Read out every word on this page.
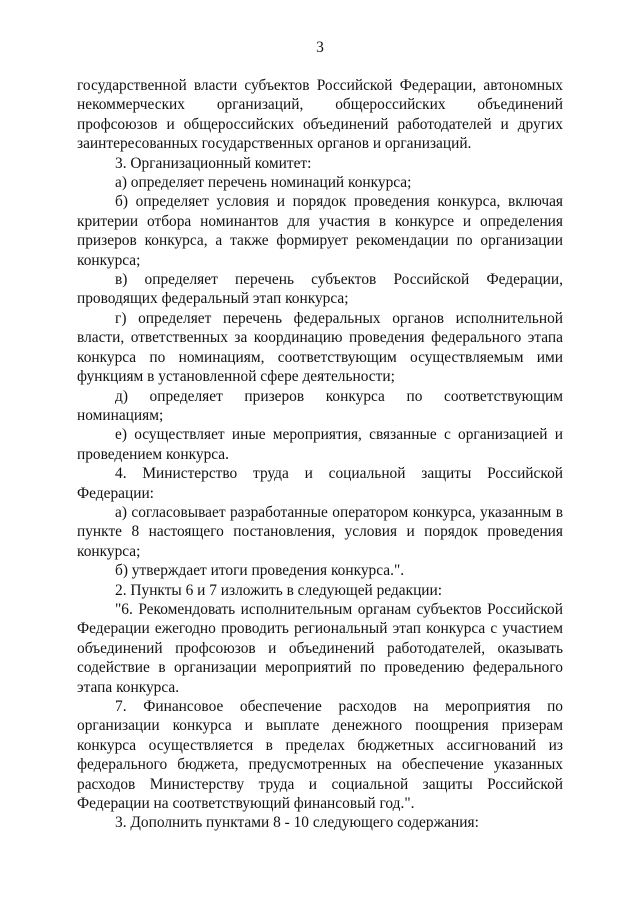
3

государственной власти субъектов Российской Федерации, автономных некоммерческих организаций, общероссийских объединений профсоюзов и общероссийских объединений работодателей и других заинтересованных государственных органов и организаций.

3. Организационный комитет:

а) определяет перечень номинаций конкурса;

б) определяет условия и порядок проведения конкурса, включая критерии отбора номинантов для участия в конкурсе и определения призеров конкурса, а также формирует рекомендации по организации конкурса;

в) определяет перечень субъектов Российской Федерации, проводящих федеральный этап конкурса;

г) определяет перечень федеральных органов исполнительной власти, ответственных за координацию проведения федерального этапа конкурса по номинациям, соответствующим осуществляемым ими функциям в установленной сфере деятельности;

д) определяет призеров конкурса по соответствующим номинациям;

е) осуществляет иные мероприятия, связанные с организацией и проведением конкурса.

4. Министерство труда и социальной защиты Российской Федерации:

а) согласовывает разработанные оператором конкурса, указанным в пункте 8 настоящего постановления, условия и порядок проведения конкурса;

б) утверждает итоги проведения конкурса.".

2. Пункты 6 и 7 изложить в следующей редакции:

"6. Рекомендовать исполнительным органам субъектов Российской Федерации ежегодно проводить региональный этап конкурса с участием объединений профсоюзов и объединений работодателей, оказывать содействие в организации мероприятий по проведению федерального этапа конкурса.

7. Финансовое обеспечение расходов на мероприятия по организации конкурса и выплате денежного поощрения призерам конкурса осуществляется в пределах бюджетных ассигнований из федерального бюджета, предусмотренных на обеспечение указанных расходов Министерству труда и социальной защиты Российской Федерации на соответствующий финансовый год.".

3. Дополнить пунктами 8 - 10 следующего содержания:
